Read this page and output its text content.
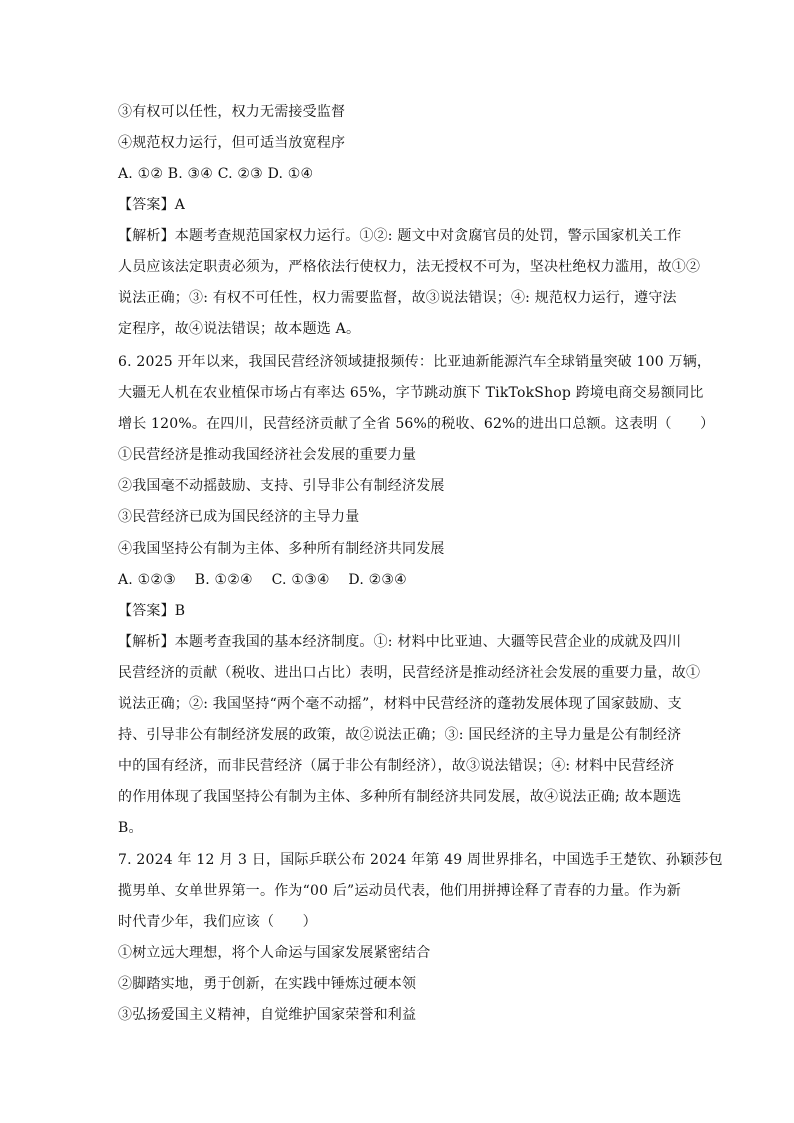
③有权可以任性，权力无需接受监督
④规范权力运行，但可适当放宽程序
A. ①② B. ③④ C. ②③ D. ①④
【答案】A
【解析】本题考查规范国家权力运行。①②: 题文中对贪腐官员的处罚，警示国家机关工作
人员应该法定职责必须为，严格依法行使权力，法无授权不可为，坚决杜绝权力滥用，故①②
说法正确；③: 有权不可任性，权力需要监督，故③说法错误；④: 规范权力运行，遵守法
定程序，故④说法错误；故本题选 A。
6. 2025 开年以来，我国民营经济领域捷报频传：比亚迪新能源汽车全球销量突破 100 万辆，
大疆无人机在农业植保市场占有率达 65%，字节跳动旗下 TikTokShop 跨境电商交易额同比
增长 120%。在四川，民营经济贡献了全省 56%的税收、62%的进出口总额。这表明（　　）
①民营经济是推动我国经济社会发展的重要力量
②我国毫不动摇鼓励、支持、引导非公有制经济发展
③民营经济已成为国民经济的主导力量
④我国坚持公有制为主体、多种所有制经济共同发展
A. ①②③　 B. ①②④　 C. ①③④　 D. ②③④
【答案】B
【解析】本题考查我国的基本经济制度。①: 材料中比亚迪、大疆等民营企业的成就及四川
民营经济的贡献（税收、进出口占比）表明，民营经济是推动经济社会发展的重要力量，故①
说法正确；②: 我国坚持“两个毫不动摇”，材料中民营经济的蓬勃发展体现了国家鼓励、支
持、引导非公有制经济发展的政策，故②说法正确；③: 国民经济的主导力量是公有制经济
中的国有经济，而非民营经济（属于非公有制经济），故③说法错误；④: 材料中民营经济
的作用体现了我国坚持公有制为主体、多种所有制经济共同发展，故④说法正确; 故本题选
B。
7. 2024 年 12 月 3 日，国际乒联公布 2024 年第 49 周世界排名，中国选手王楚钦、孙颖莎包
揽男单、女单世界第一。作为“00 后”运动员代表，他们用拼搏诠释了青春的力量。作为新
时代青少年，我们应该（　　）
①树立远大理想，将个人命运与国家发展紧密结合
②脚踏实地，勇于创新，在实践中锤炼过硬本领
③弘扬爱国主义精神，自觉维护国家荣誉和利益
